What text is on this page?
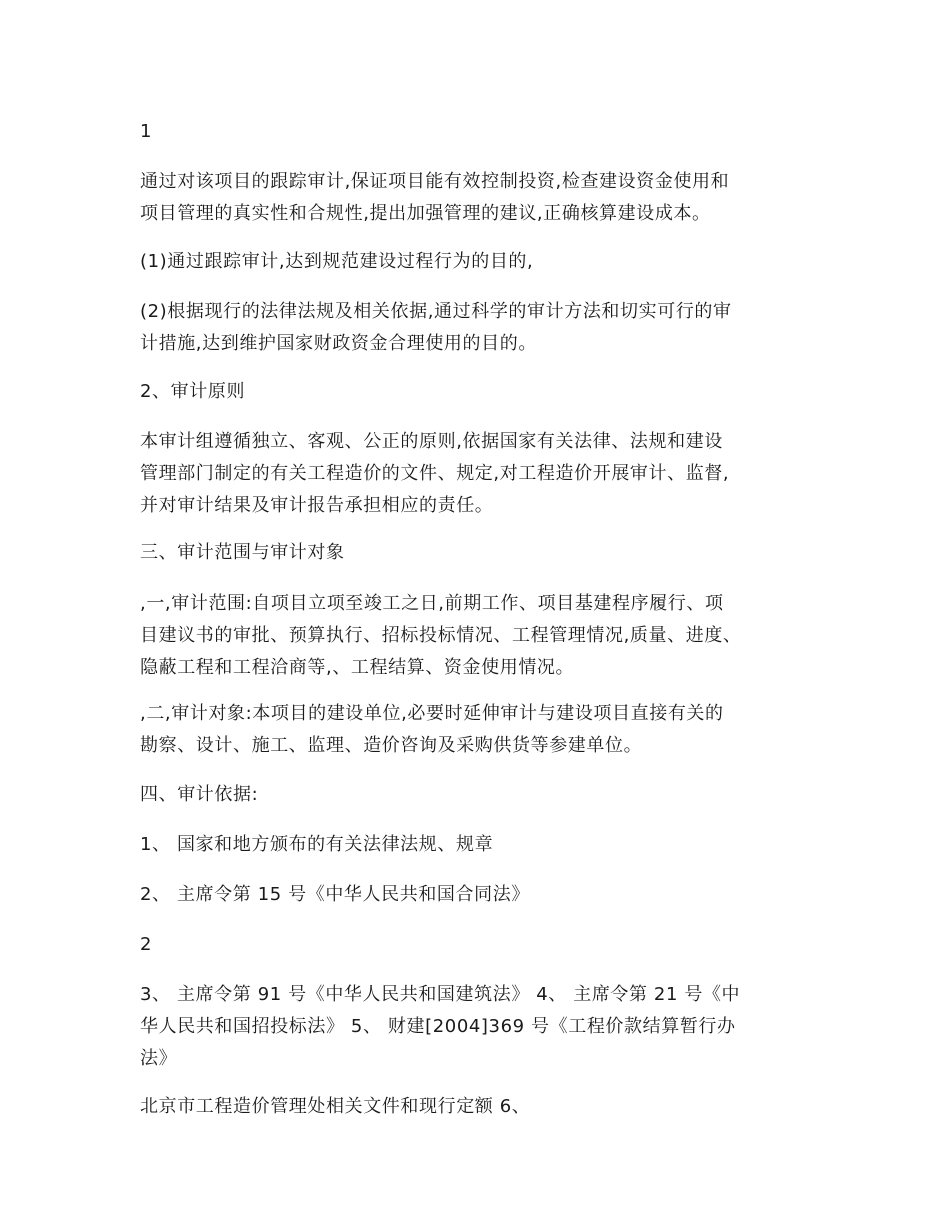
1

通过对该项目的跟踪审计,保证项目能有效控制投资,检查建设资金使用和
项目管理的真实性和合规性,提出加强管理的建议,正确核算建设成本。

(1)通过跟踪审计,达到规范建设过程行为的目的,

(2)根据现行的法律法规及相关依据,通过科学的审计方法和切实可行的审
计措施,达到维护国家财政资金合理使用的目的。

2、审计原则

本审计组遵循独立、客观、公正的原则,依据国家有关法律、法规和建设
管理部门制定的有关工程造价的文件、规定,对工程造价开展审计、监督,
并对审计结果及审计报告承担相应的责任。

三、审计范围与审计对象

,一,审计范围:自项目立项至竣工之日,前期工作、项目基建程序履行、项
目建议书的审批、预算执行、招标投标情况、工程管理情况,质量、进度、
隐蔽工程和工程洽商等,、工程结算、资金使用情况。

,二,审计对象:本项目的建设单位,必要时延伸审计与建设项目直接有关的
勘察、设计、施工、监理、造价咨询及采购供货等参建单位。

四、审计依据:

1、 国家和地方颁布的有关法律法规、规章

2、 主席令第 15 号《中华人民共和国合同法》

2

3、 主席令第 91 号《中华人民共和国建筑法》 4、 主席令第 21 号《中
华人民共和国招投标法》 5、 财建[2004]369 号《工程价款结算暂行办
法》

北京市工程造价管理处相关文件和现行定额 6、
